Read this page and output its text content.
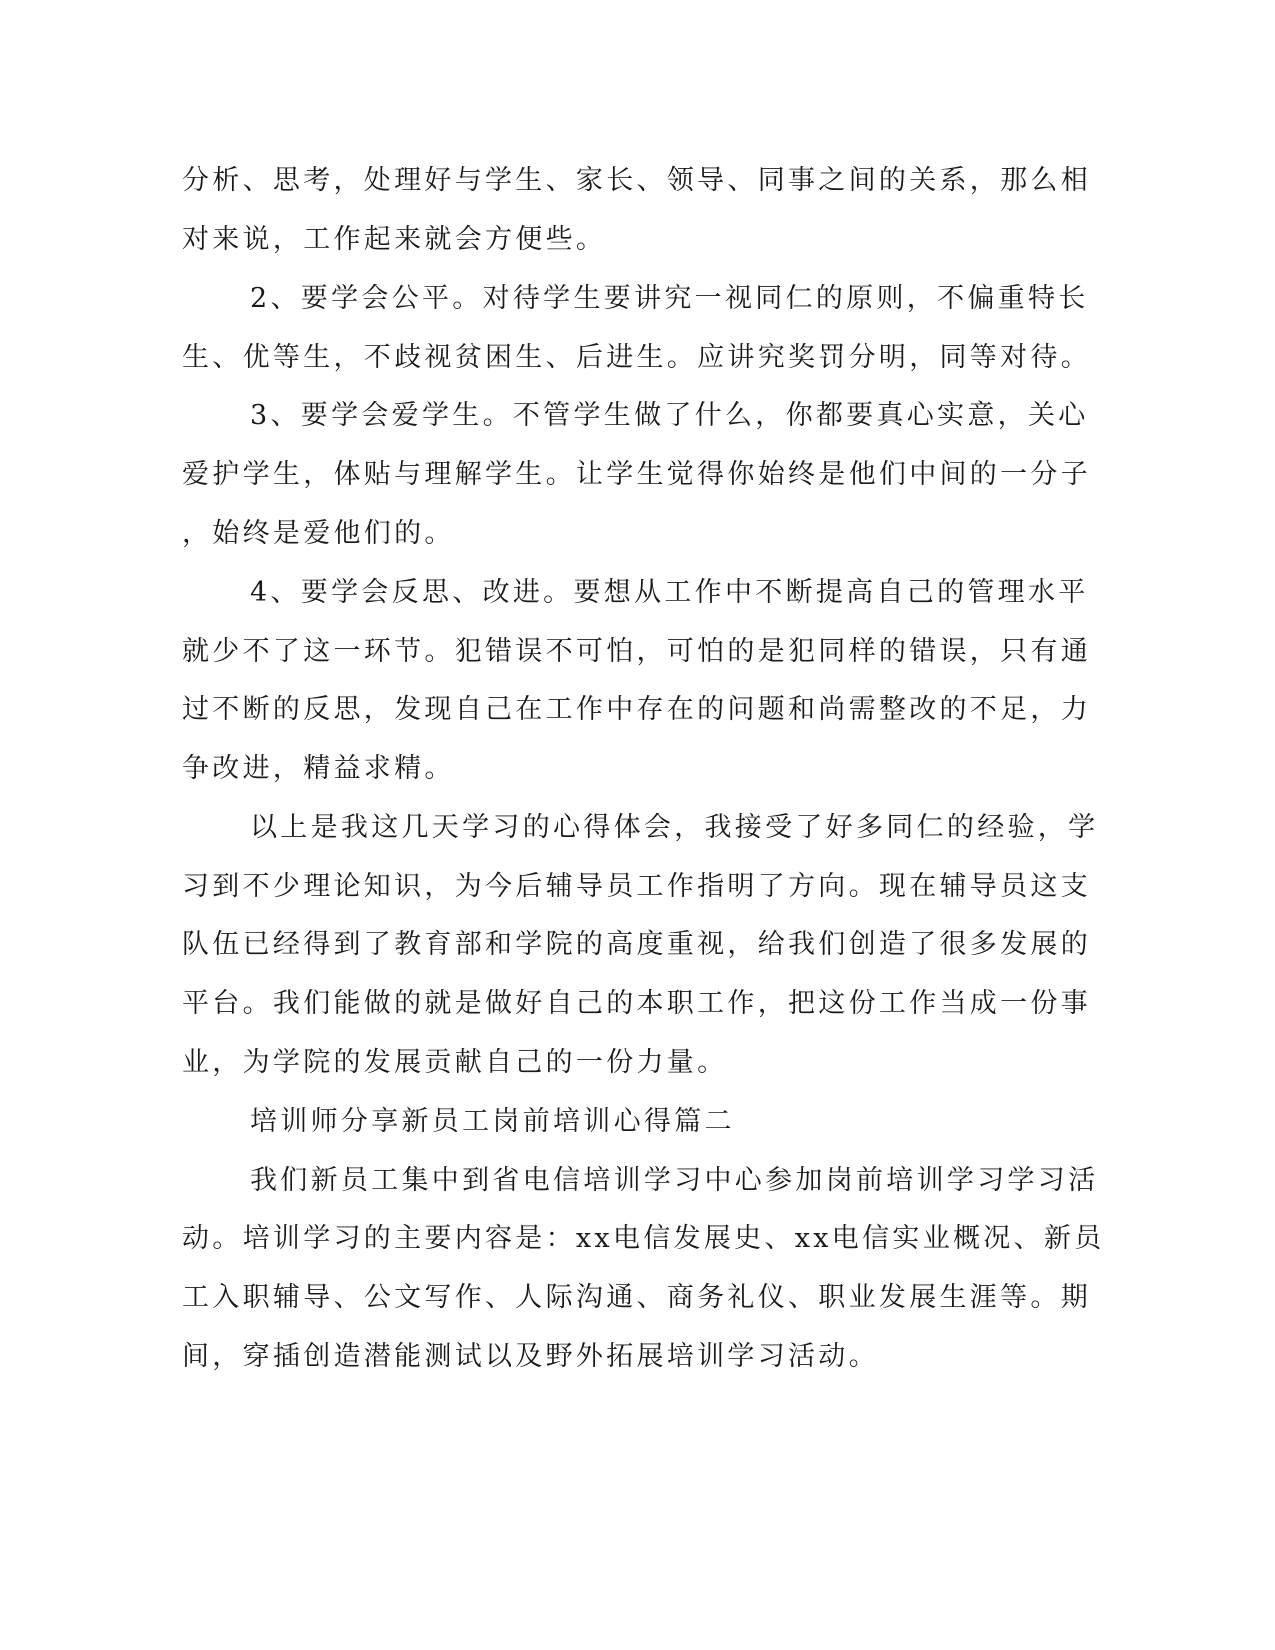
分析、思考，处理好与学生、家长、领导、同事之间的关系，那么相
对来说，工作起来就会方便些。
2、要学会公平。对待学生要讲究一视同仁的原则，不偏重特长
生、优等生，不歧视贫困生、后进生。应讲究奖罚分明，同等对待。
3、要学会爱学生。不管学生做了什么，你都要真心实意，关心
爱护学生，体贴与理解学生。让学生觉得你始终是他们中间的一分子
，始终是爱他们的。
4、要学会反思、改进。要想从工作中不断提高自己的管理水平
就少不了这一环节。犯错误不可怕，可怕的是犯同样的错误，只有通
过不断的反思，发现自己在工作中存在的问题和尚需整改的不足，力
争改进，精益求精。
以上是我这几天学习的心得体会，我接受了好多同仁的经验，学
习到不少理论知识，为今后辅导员工作指明了方向。现在辅导员这支
队伍已经得到了教育部和学院的高度重视，给我们创造了很多发展的
平台。我们能做的就是做好自己的本职工作，把这份工作当成一份事
业，为学院的发展贡献自己的一份力量。
培训师分享新员工岗前培训心得篇二
我们新员工集中到省电信培训学习中心参加岗前培训学习学习活
动。培训学习的主要内容是：xx电信发展史、xx电信实业概况、新员
工入职辅导、公文写作、人际沟通、商务礼仪、职业发展生涯等。期
间，穿插创造潜能测试以及野外拓展培训学习活动。
